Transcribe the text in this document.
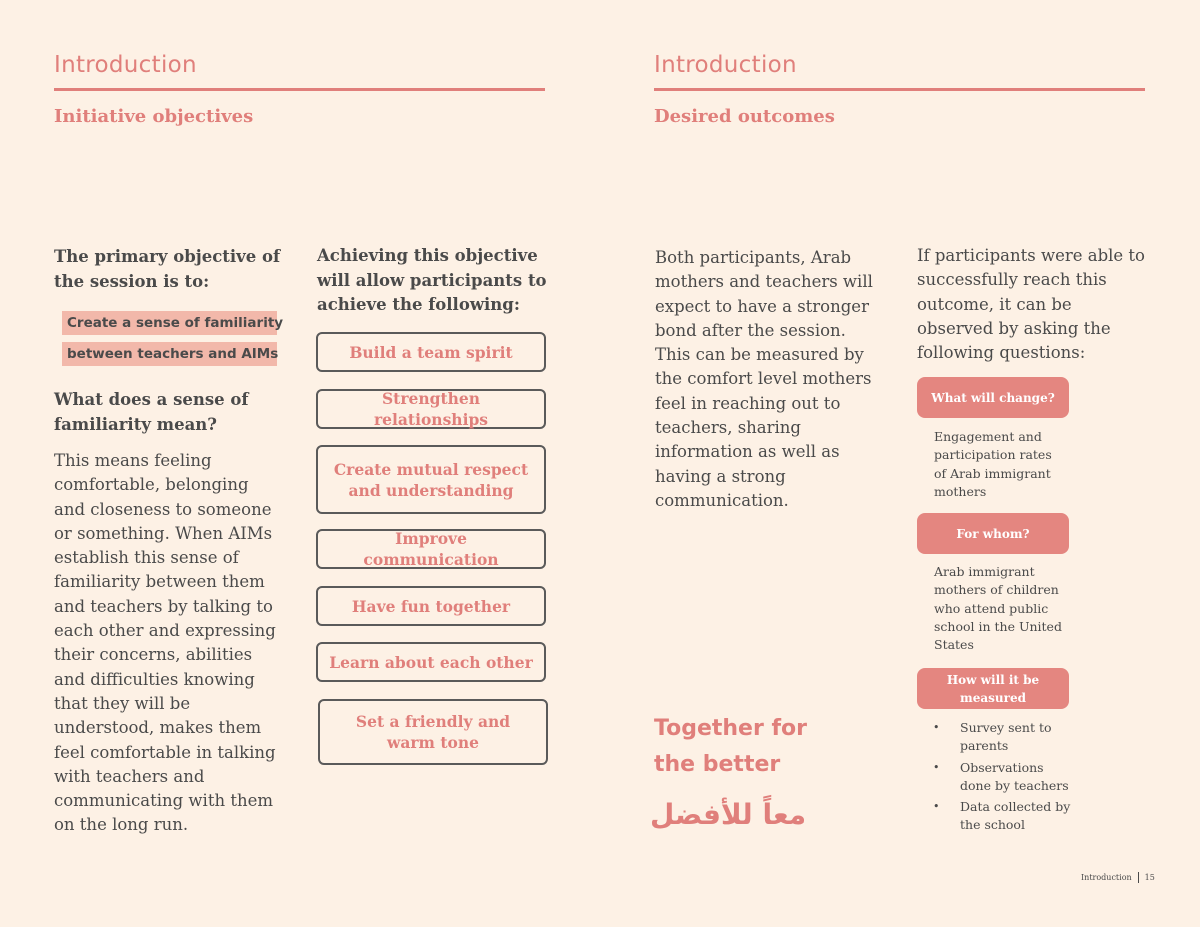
Introduction
Initiative objectives
The primary objective of the session is to:
Create a sense of familiarity
between teachers and AIMs
What does a sense of familiarity mean?
This means feeling comfortable, belonging and closeness to someone or something. When AIMs establish this sense of familiarity between them and teachers by talking to each other and expressing their concerns, abilities and difficulties knowing that they will be understood, makes them feel comfortable in talking with teachers and communicating with them on the long run.
Achieving this objective will allow participants to achieve the following:
Build a team spirit
Strengthen relationships
Create mutual respect and understanding
Improve communication
Have fun together
Learn about each other
Set a friendly and warm tone
Introduction
Desired outcomes
Both participants, Arab mothers and teachers will expect to have a stronger bond after the session. This can be measured by the comfort level mothers feel in reaching out to teachers, sharing information as well as having a strong communication.
If participants were able to successfully reach this outcome, it can be observed by asking the following questions:
What will change?
Engagement and participation rates of Arab immigrant mothers
For whom?
Arab immigrant mothers of children who attend public school in the United States
How will it be measured
• Survey sent to parents
• Observations done by teachers
• Data collected by the school
Together for
the better
معاً للأفضل
Introduction 15
